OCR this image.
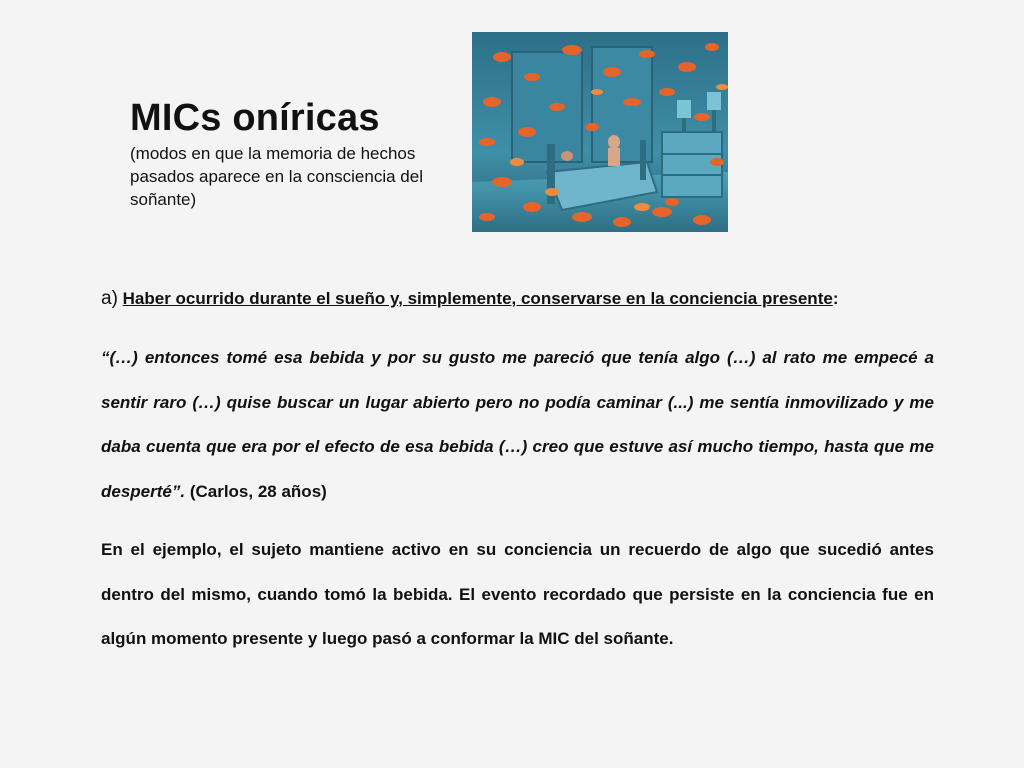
MICs oníricas

(modos en que la memoria de hechos pasados aparece en la consciencia del soñante)

a) Haber ocurrido durante el sueño y, simplemente, conservarse en la conciencia presente:
“(…) entonces tomé esa bebida y por su gusto me pareció que tenía algo (…) al rato me empecé a sentir raro (…) quise buscar un lugar abierto pero no podía caminar (...) me sentía inmovilizado y me daba cuenta que era por el efecto de esa bebida (…) creo que estuve así mucho tiempo, hasta que me desperté”. (Carlos, 28 años)
En el ejemplo, el sujeto mantiene activo en su conciencia un recuerdo de algo que sucedió antes dentro del mismo, cuando tomó la bebida. El evento recordado que persiste en la conciencia fue en algún momento presente y luego pasó a conformar la MIC del soñante.
